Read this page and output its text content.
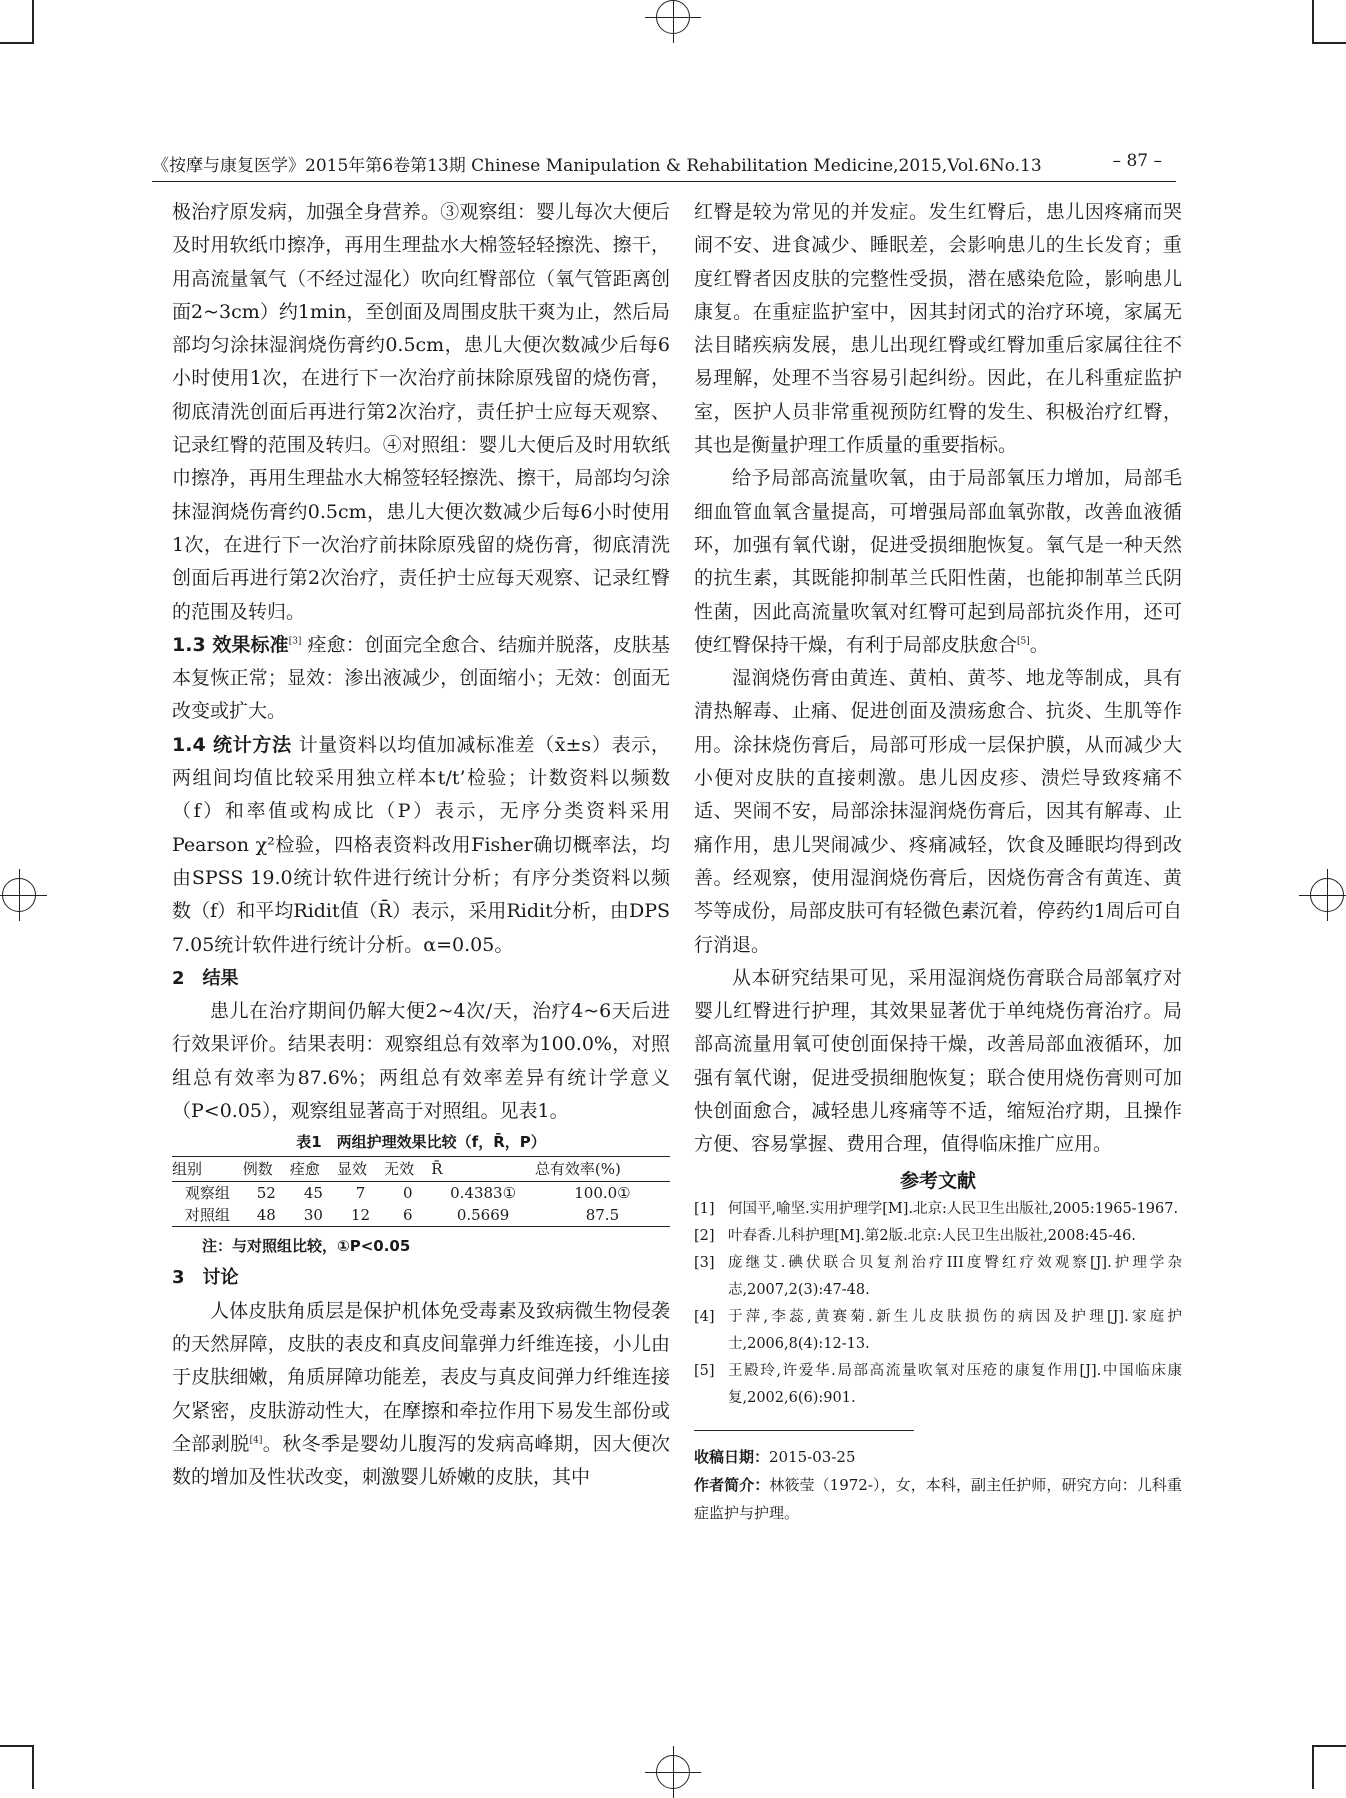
《按摩与康复医学》2015年第6卷第13期 Chinese Manipulation & Rehabilitation Medicine,2015,Vol.6No.13	– 87 –

极治疗原发病，加强全身营养。③观察组：婴儿每次大便后及时用软纸巾擦净，再用生理盐水大棉签轻轻擦洗、擦干，用高流量氧气（不经过湿化）吹向红臀部位（氧气管距离创面2~3cm）约1min，至创面及周围皮肤干爽为止，然后局部均匀涂抹湿润烧伤膏约0.5cm，患儿大便次数减少后每6小时使用1次，在进行下一次治疗前抹除原残留的烧伤膏，彻底清洗创面后再进行第2次治疗，责任护士应每天观察、记录红臀的范围及转归。④对照组：婴儿大便后及时用软纸巾擦净，再用生理盐水大棉签轻轻擦洗、擦干，局部均匀涂抹湿润烧伤膏约0.5cm，患儿大便次数减少后每6小时使用1次，在进行下一次治疗前抹除原残留的烧伤膏，彻底清洗创面后再进行第2次治疗，责任护士应每天观察、记录红臀的范围及转归。

1.3 效果标准[3] 痊愈：创面完全愈合、结痂并脱落，皮肤基本复恢正常；显效：渗出液减少，创面缩小；无效：创面无改变或扩大。

1.4 统计方法 计量资料以均值加减标准差（x̄±s）表示，两组间均值比较采用独立样本t/t’检验；计数资料以频数（f）和率值或构成比（P）表示，无序分类资料采用Pearson χ²检验，四格表资料改用Fisher确切概率法，均由SPSS 19.0统计软件进行统计分析；有序分类资料以频数（f）和平均Ridit值（R̄）表示，采用Ridit分析，由DPS 7.05统计软件进行统计分析。α=0.05。

2　结果

患儿在治疗期间仍解大便2~4次/天，治疗4~6天后进行效果评价。结果表明：观察组总有效率为100.0%，对照组总有效率为87.6%；两组总有效率差异有统计学意义（P<0.05），观察组显著高于对照组。见表1。

表1　两组护理效果比较（f，R̄，P）
组别	例数	痊愈	显效	无效	R̄	总有效率(%)
观察组	52	45	7	0	0.4383①	100.0①
对照组	48	30	12	6	0.5669	87.5
注：与对照组比较，①P<0.05

3　讨论

人体皮肤角质层是保护机体免受毒素及致病微生物侵袭的天然屏障，皮肤的表皮和真皮间靠弹力纤维连接，小儿由于皮肤细嫩，角质屏障功能差，表皮与真皮间弹力纤维连接欠紧密，皮肤游动性大，在摩擦和牵拉作用下易发生部份或全部剥脱[4]。秋冬季是婴幼儿腹泻的发病高峰期，因大便次数的增加及性状改变，刺激婴儿娇嫩的皮肤，其中

红臀是较为常见的并发症。发生红臀后，患儿因疼痛而哭闹不安、进食减少、睡眠差，会影响患儿的生长发育；重度红臀者因皮肤的完整性受损，潜在感染危险，影响患儿康复。在重症监护室中，因其封闭式的治疗环境，家属无法目睹疾病发展，患儿出现红臀或红臀加重后家属往往不易理解，处理不当容易引起纠纷。因此，在儿科重症监护室，医护人员非常重视预防红臀的发生、积极治疗红臀，其也是衡量护理工作质量的重要指标。

给予局部高流量吹氧，由于局部氧压力增加，局部毛细血管血氧含量提高，可增强局部血氧弥散，改善血液循环，加强有氧代谢，促进受损细胞恢复。氧气是一种天然的抗生素，其既能抑制革兰氏阳性菌，也能抑制革兰氏阴性菌，因此高流量吹氧对红臀可起到局部抗炎作用，还可使红臀保持干燥，有利于局部皮肤愈合[5]。

湿润烧伤膏由黄连、黄柏、黄芩、地龙等制成，具有清热解毒、止痛、促进创面及溃疡愈合、抗炎、生肌等作用。涂抹烧伤膏后，局部可形成一层保护膜，从而减少大小便对皮肤的直接刺激。患儿因皮疹、溃烂导致疼痛不适、哭闹不安，局部涂抹湿润烧伤膏后，因其有解毒、止痛作用，患儿哭闹减少、疼痛减轻，饮食及睡眠均得到改善。经观察，使用湿润烧伤膏后，因烧伤膏含有黄连、黄芩等成份，局部皮肤可有轻微色素沉着，停药约1周后可自行消退。

从本研究结果可见，采用湿润烧伤膏联合局部氧疗对婴儿红臀进行护理，其效果显著优于单纯烧伤膏治疗。局部高流量用氧可使创面保持干燥，改善局部血液循环，加强有氧代谢，促进受损细胞恢复；联合使用烧伤膏则可加快创面愈合，减轻患儿疼痛等不适，缩短治疗期，且操作方便、容易掌握、费用合理，值得临床推广应用。

参考文献
[1] 何国平,喻坚.实用护理学[M].北京:人民卫生出版社,2005:1965-1967.
[2] 叶春香.儿科护理[M].第2版.北京:人民卫生出版社,2008:45-46.
[3] 庞继艾.碘伏联合贝复剂治疗III度臀红疗效观察[J].护理学杂志,2007,2(3):47-48.
[4] 于萍,李蕊,黄赛菊.新生儿皮肤损伤的病因及护理[J].家庭护士,2006,8(4):12-13.
[5] 王殿玲,许爱华.局部高流量吹氧对压疮的康复作用[J].中国临床康复,2002,6(6):901.
收稿日期：2015-03-25
作者简介：林筱莹（1972-），女，本科，副主任护师，研究方向：儿科重症监护与护理。
